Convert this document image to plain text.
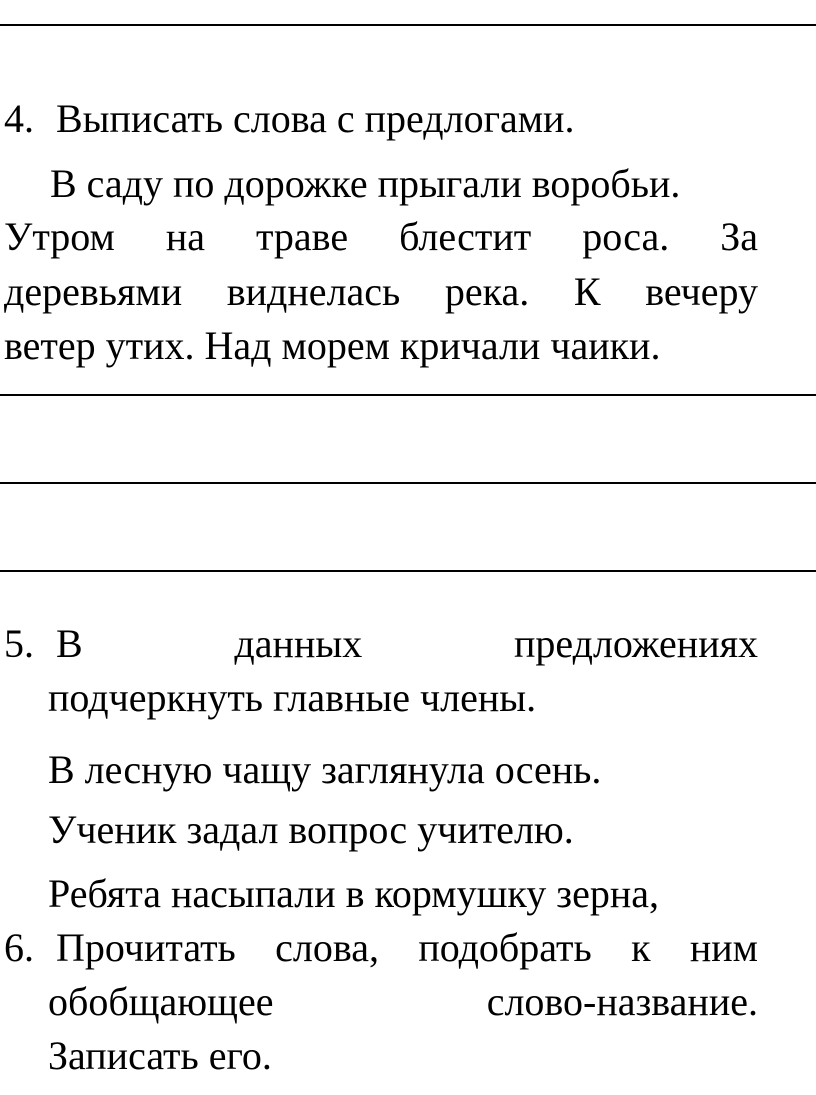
4. Выписать слова с предлогами.
В саду по дорожке прыгали воробьи.
Утром на траве блестит роса. За
деревьями виднелась река. К вечеру
ветер утих. Над морем кричали чаики.
5. В данных предложениях
подчеркнуть главные члены.
В лесную чащу заглянула осень.
Ученик задал вопрос учителю.
Ребята насыпали в кормушку зерна,
6. Прочитать слова, подобрать к ним
обобщающее слово-название.
Записать его.
